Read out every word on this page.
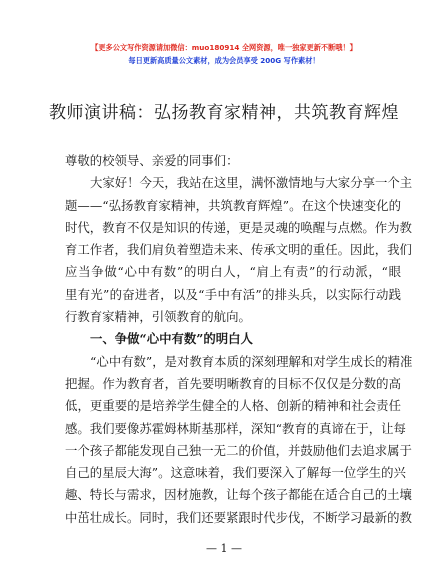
【更多公文写作资源请加微信：muo180914 全网资源，唯一独家更新不断哦！】
每日更新高质量公文素材，成为会员享受 200G 写作素材！
教师演讲稿：弘扬教育家精神，共筑教育辉煌
尊敬的校领导、亲爱的同事们：
大家好！今天，我站在这里，满怀激情地与大家分享一个主
题——“弘扬教育家精神，共筑教育辉煌”。在这个快速变化的
时代，教育不仅是知识的传递，更是灵魂的唤醒与点燃。作为教
育工作者，我们肩负着塑造未来、传承文明的重任。因此，我们
应当争做“心中有数”的明白人，“肩上有责”的行动派，“眼
里有光”的奋进者，以及“手中有活”的排头兵，以实际行动践
行教育家精神，引领教育的航向。
一、争做“心中有数”的明白人
“心中有数”，是对教育本质的深刻理解和对学生成长的精准
把握。作为教育者，首先要明晰教育的目标不仅仅是分数的高
低，更重要的是培养学生健全的人格、创新的精神和社会责任
感。我们要像苏霍姆林斯基那样，深知“教育的真谛在于，让每
一个孩子都能发现自己独一无二的价值，并鼓励他们去追求属于
自己的星辰大海”。这意味着，我们要深入了解每一位学生的兴
趣、特长与需求，因材施教，让每个孩子都能在适合自己的土壤
中茁壮成长。同时，我们还要紧跟时代步伐，不断学习最新的教
— 1 —
